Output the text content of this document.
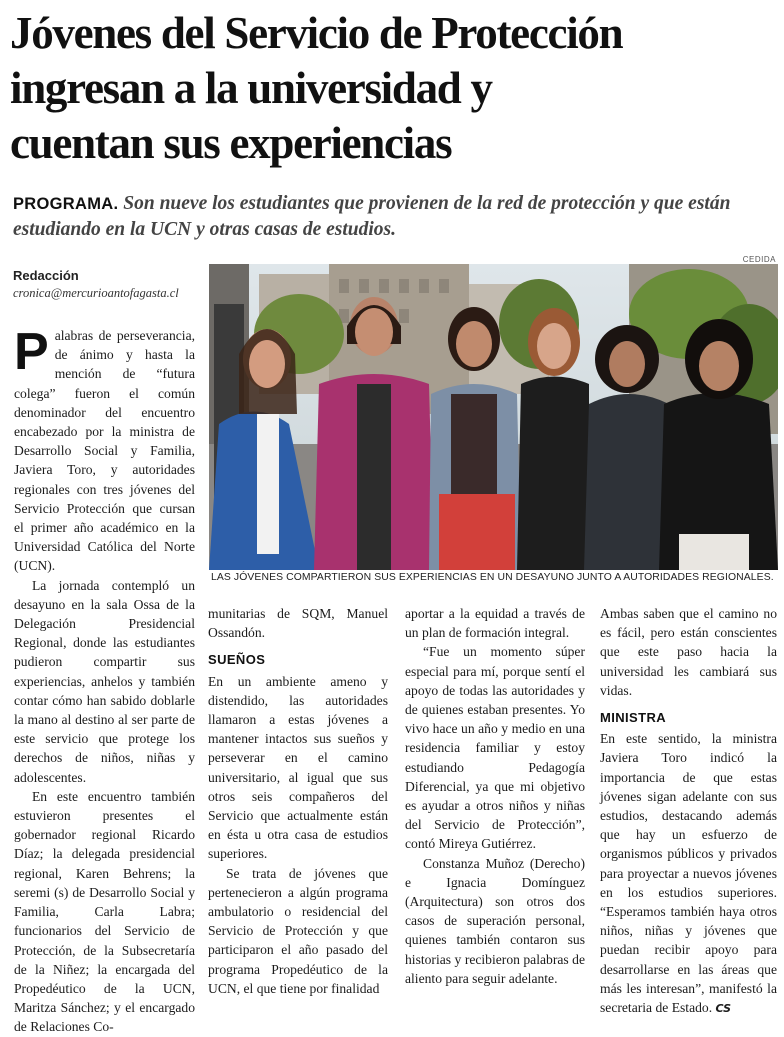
Jóvenes del Servicio de Protección
ingresan a la universidad y
cuentan sus experiencias
PROGRAMA. Son nueve los estudiantes que provienen de la red de protección y que están estudiando en la UCN y otras casas de estudios.
Redacción
cronica@mercurioantofagasta.cl
CEDIDA
LAS JÓVENES COMPARTIERON SUS EXPERIENCIAS EN UN DESAYUNO JUNTO A AUTORIDADES REGIONALES.

Palabras de perseverancia, de ánimo y hasta la mención de “futura colega” fueron el común denominador del encuentro encabezado por la ministra de Desarrollo Social y Familia, Javiera Toro, y autoridades regionales con tres jóvenes del Servicio Protección que cursan el primer año académico en la Universidad Católica del Norte (UCN).

La jornada contempló un desayuno en la sala Ossa de la Delegación Presidencial Regional, donde las estudiantes pudieron compartir sus experiencias, anhelos y también contar cómo han sabido doblarle la mano al destino al ser parte de este servicio que protege los derechos de niños, niñas y adolescentes.

En este encuentro también estuvieron presentes el gobernador regional Ricardo Díaz; la delegada presidencial regional, Karen Behrens; la seremi (s) de Desarrollo Social y Familia, Carla Labra; funcionarios del Servicio de Protección, de la Subsecretaría de la Niñez; la encargada del Propedéutico de la UCN, Maritza Sánchez; y el encargado de Relaciones Co-

munitarias de SQM, Manuel Ossandón.

SUEÑOS

En un ambiente ameno y distendido, las autoridades llamaron a estas jóvenes a mantener intactos sus sueños y perseverar en el camino universitario, al igual que sus otros seis compañeros del Servicio que actualmente están en ésta u otra casa de estudios superiores.

Se trata de jóvenes que pertenecieron a algún programa ambulatorio o residencial del Servicio de Protección y que participaron el año pasado del programa Propedéutico de la UCN, el que tiene por finalidad

aportar a la equidad a través de un plan de formación integral.

“Fue un momento súper especial para mí, porque sentí el apoyo de todas las autoridades y de quienes estaban presentes. Yo vivo hace un año y medio en una residencia familiar y estoy estudiando Pedagogía Diferencial, ya que mi objetivo es ayudar a otros niños y niñas del Servicio de Protección”, contó Mireya Gutiérrez.

Constanza Muñoz (Derecho) e Ignacia Domínguez (Arquitectura) son otros dos casos de superación personal, quienes también contaron sus historias y recibieron palabras de aliento para seguir adelante.

Ambas saben que el camino no es fácil, pero están conscientes que este paso hacia la universidad les cambiará sus vidas.

MINISTRA

En este sentido, la ministra Javiera Toro indicó la importancia de que estas jóvenes sigan adelante con sus estudios, destacando además que hay un esfuerzo de organismos públicos y privados para proyectar a nuevos jóvenes en los estudios superiores. “Esperamos también haya otros niños, niñas y jóvenes que puedan recibir apoyo para desarrollarse en las áreas que más les interesan”, manifestó la secretaria de Estado. CS
